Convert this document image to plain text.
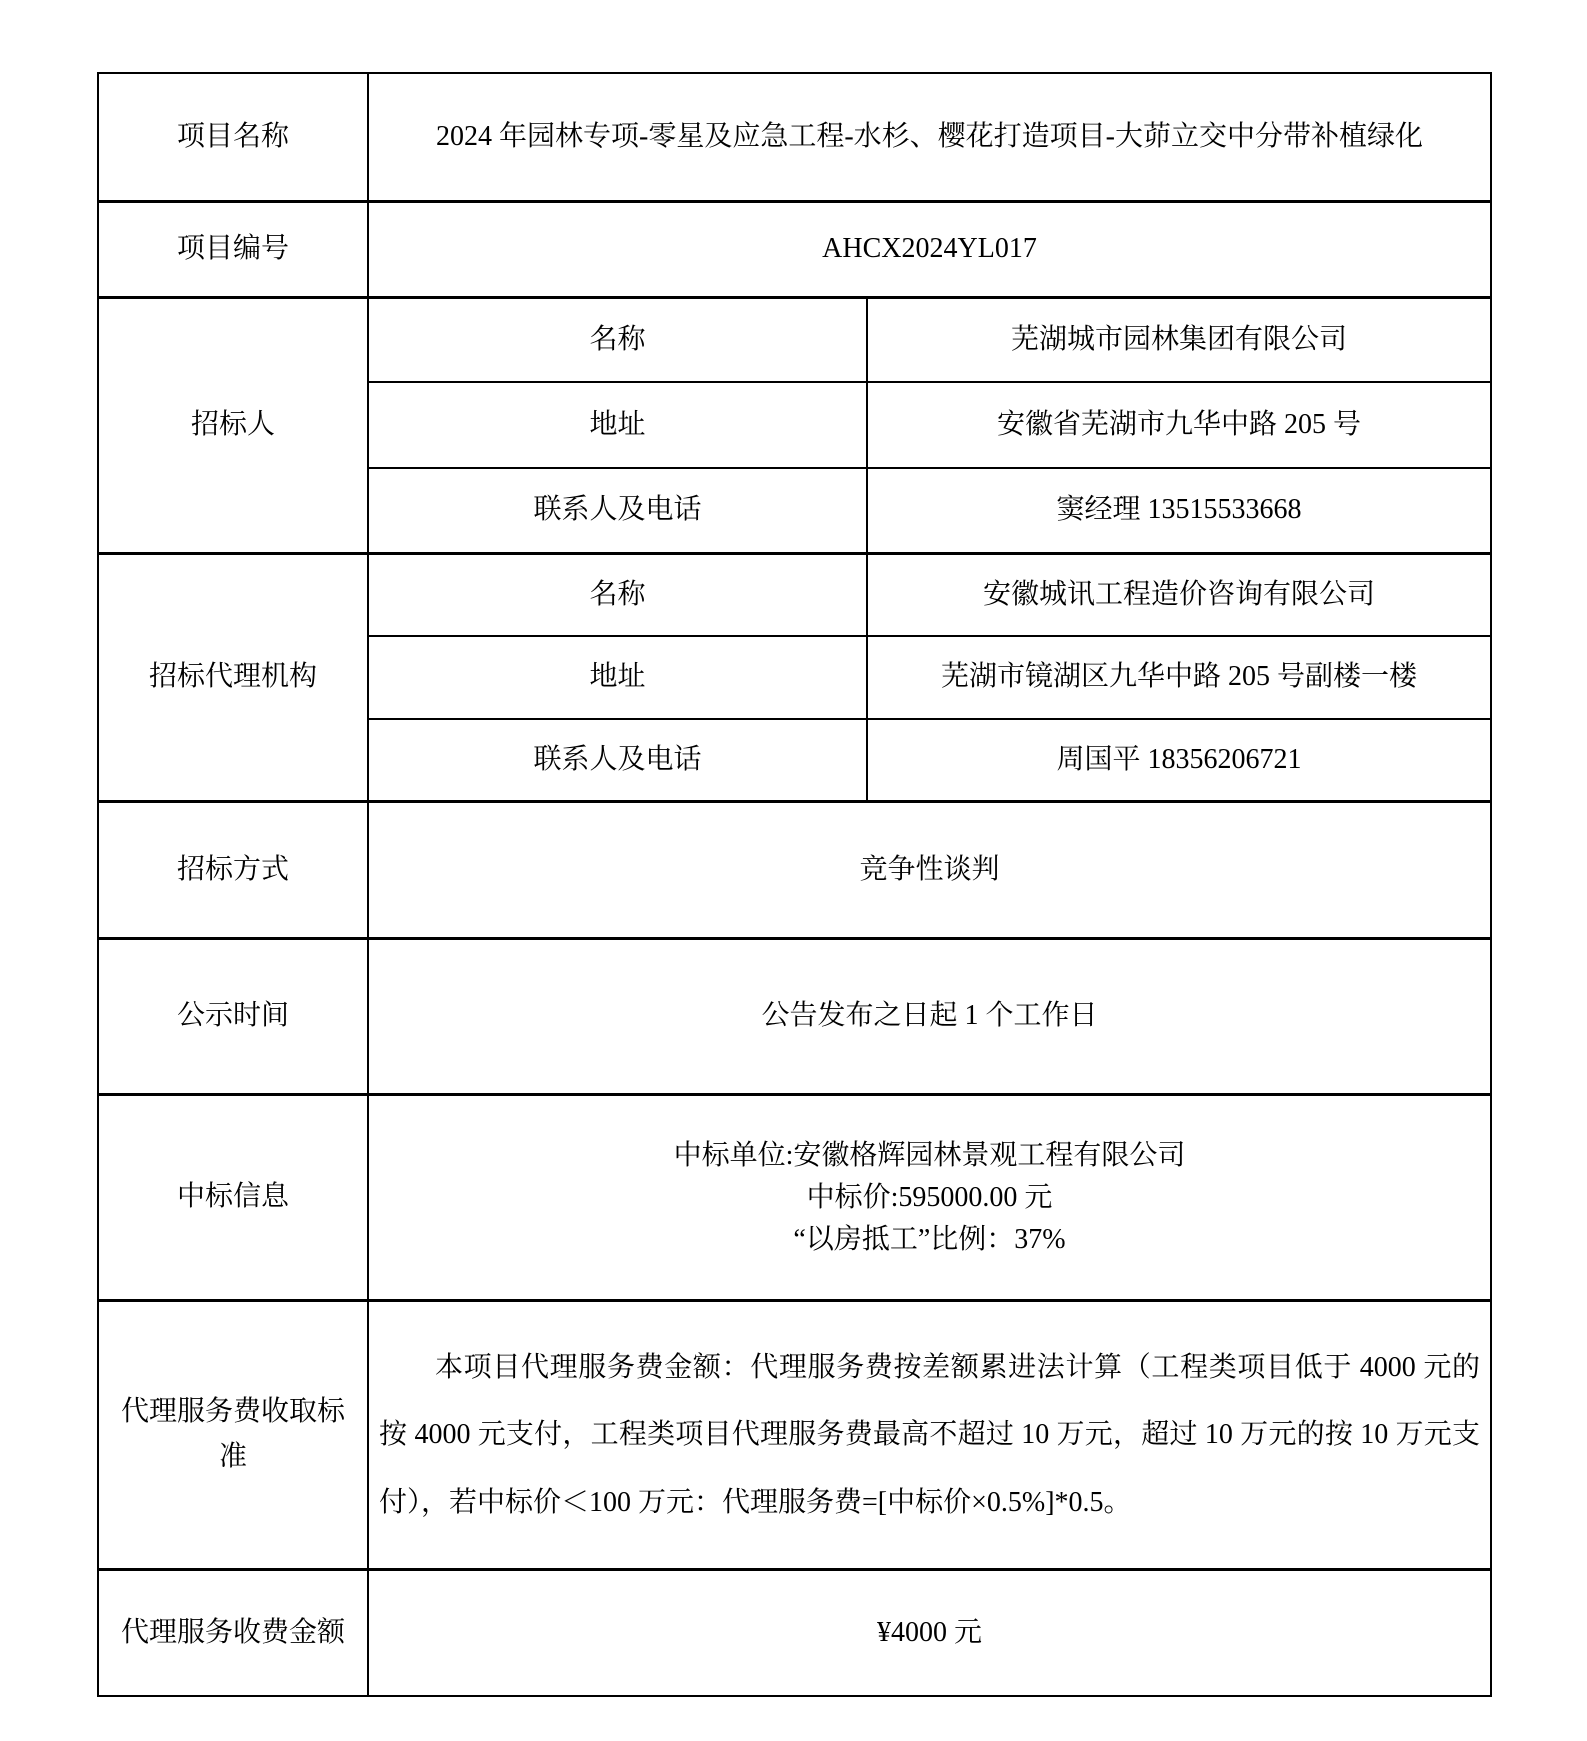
项目名称	2024 年园林专项-零星及应急工程-水杉、樱花打造项目-大茆立交中分带补植绿化	
项目编号	AHCX2024YL017	
招标人	名称	芜湖城市园林集团有限公司
	地址	安徽省芜湖市九华中路 205 号
	联系人及电话	窦经理 13515533668
招标代理机构	名称	安徽城讯工程造价咨询有限公司
	地址	芜湖市镜湖区九华中路 205 号副楼一楼
	联系人及电话	周国平 18356206721
招标方式	竞争性谈判	
公示时间	公告发布之日起 1 个工作日	
中标信息	中标单位:安徽格辉园林景观工程有限公司
中标价:595000.00 元
“以房抵工”比例：37%	

代理服务费收取标准	本项目代理服务费金额：代理服务费按差额累进法计算（工程类项目低于 4000 元的按 4000 元支付，工程类项目代理服务费最高不超过 10 万元，超过 10 万元的按 10 万元支付），若中标价＜100 万元：代理服务费=[中标价×0.5%]*0.5。	

代理服务收费金额	¥4000 元	
